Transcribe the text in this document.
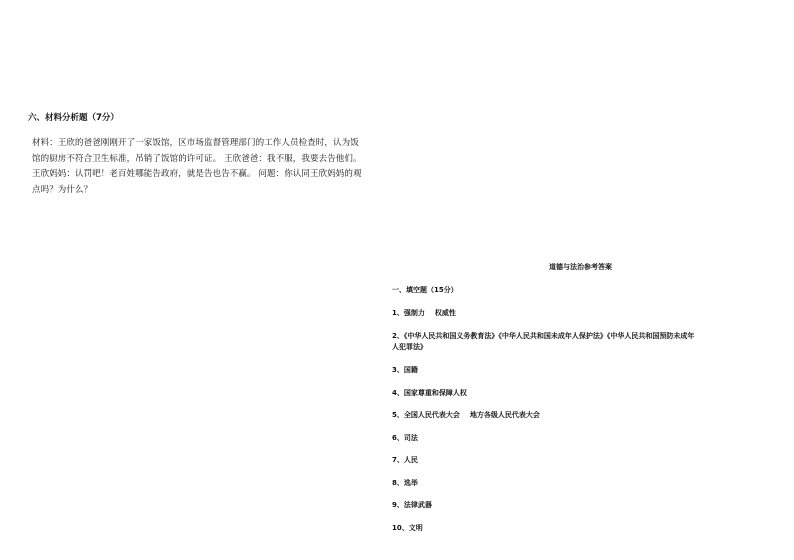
六、材料分析题（7分）
材料：王欣的爸爸刚刚开了一家饭馆，区市场监督管理部门的工作人员检查时，认为饭
馆的厨房不符合卫生标准，吊销了饭馆的许可证。 王欣爸爸：我不服，我要去告他们。
王欣妈妈：认罚吧！老百姓哪能告政府，就是告也告不赢。 问题：你认同王欣妈妈的观
点吗？为什么？
道德与法治参考答案
一、填空题（15分）
1、强制力 权威性
2、《中华人民共和国义务教育法》《中华人民共和国未成年人保护法》《中华人民共和国预防未成年
人犯罪法》
3、国籍
4、国家尊重和保障人权
5、全国人民代表大会 地方各级人民代表大会
6、司法
7、人民
8、选举
9、法律武器
10、文明
